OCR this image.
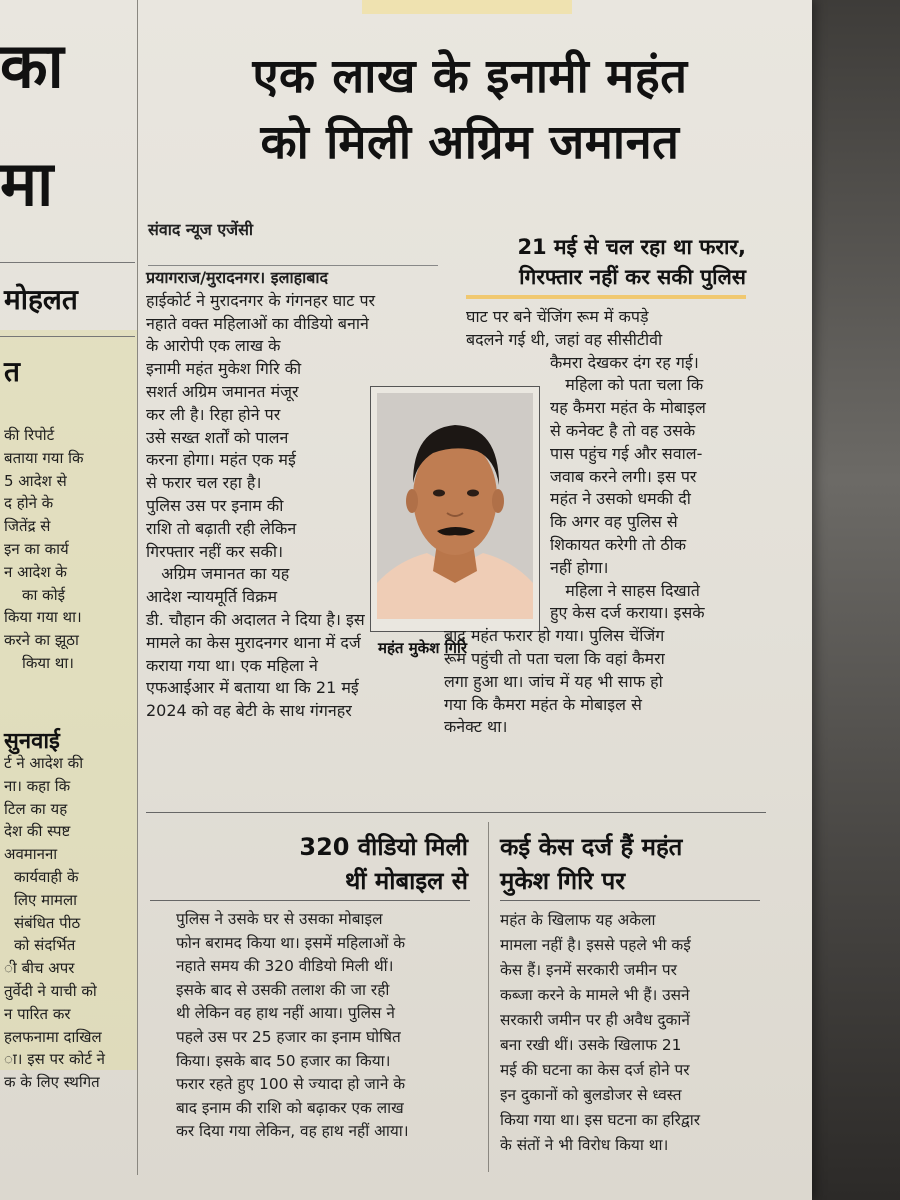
का
मा
मोहलत
त
की रिपोर्ट
बताया गया कि
5 आदेश से
द होने के
जितेंद्र से
इन का कार्य
न आदेश के
का कोई
किया गया था।
करने का झूठा
किया था।
सुनवाई
र्ट ने आदेश की
ना। कहा कि
टिल का यह
देश की स्पष्ट
अवमानना
कार्यवाही के
लिए मामला
संबंधित पीठ
को संदर्भित
ी बीच अपर
तुर्वेदी ने याची को
न पारित कर
हलफनामा दाखिल
ा। इस पर कोर्ट ने
क के लिए स्थगित
एक लाख के इनामी महंत
को मिली अग्रिम जमानत
संवाद न्यूज एजेंसी
21 मई से चल रहा था फरार,
गिरफ्तार नहीं कर सकी पुलिस
प्रयागराज/मुरादनगर। इलाहाबाद
हाईकोर्ट ने मुरादनगर के गंगनहर घाट पर
नहाते वक्त महिलाओं का वीडियो बनाने
के आरोपी एक लाख के
इनामी महंत मुकेश गिरि की
सशर्त अग्रिम जमानत मंजूर
कर ली है। रिहा होने पर
उसे सख्त शर्तों को पालन
करना होगा। महंत एक मई
से फरार चल रहा है।
पुलिस उस पर इनाम की
राशि तो बढ़ाती रही लेकिन
गिरफ्तार नहीं कर सकी।
अग्रिम जमानत का यह
आदेश न्यायमूर्ति विक्रम
डी. चौहान की अदालत ने दिया है। इस
मामले का केस मुरादनगर थाना में दर्ज
कराया गया था। एक महिला ने
एफआईआर में बताया था कि 21 मई
2024 को वह बेटी के साथ गंगनहर
महंत मुकेश गिरि
घाट पर बने चेंजिंग रूम में कपड़े
बदलने गई थी, जहां वह सीसीटीवी
कैमरा देखकर दंग रह गई।
महिला को पता चला कि
यह कैमरा महंत के मोबाइल
से कनेक्ट है तो वह उसके
पास पहुंच गई और सवाल-
जवाब करने लगी। इस पर
महंत ने उसको धमकी दी
कि अगर वह पुलिस से
शिकायत करेगी तो ठीक
नहीं होगा।
महिला ने साहस दिखाते
हुए केस दर्ज कराया। इसके
बाद महंत फरार हो गया। पुलिस चेंजिंग
रूम पहुंची तो पता चला कि वहां कैमरा
लगा हुआ था। जांच में यह भी साफ हो
गया कि कैमरा महंत के मोबाइल से
कनेक्ट था।
320 वीडियो मिली
थीं मोबाइल से
पुलिस ने उसके घर से उसका मोबाइल
फोन बरामद किया था। इसमें महिलाओं के
नहाते समय की 320 वीडियो मिली थीं।
इसके बाद से उसकी तलाश की जा रही
थी लेकिन वह हाथ नहीं आया। पुलिस ने
पहले उस पर 25 हजार का इनाम घोषित
किया। इसके बाद 50 हजार का किया।
फरार रहते हुए 100 से ज्यादा हो जाने के
बाद इनाम की राशि को बढ़ाकर एक लाख
कर दिया गया लेकिन, वह हाथ नहीं आया।
कई केस दर्ज हैं महंत
मुकेश गिरि पर
महंत के खिलाफ यह अकेला
मामला नहीं है। इससे पहले भी कई
केस हैं। इनमें सरकारी जमीन पर
कब्जा करने के मामले भी हैं। उसने
सरकारी जमीन पर ही अवैध दुकानें
बना रखी थीं। उसके खिलाफ 21
मई की घटना का केस दर्ज होने पर
इन दुकानों को बुलडोजर से ध्वस्त
किया गया था। इस घटना का हरिद्वार
के संतों ने भी विरोध किया था।
